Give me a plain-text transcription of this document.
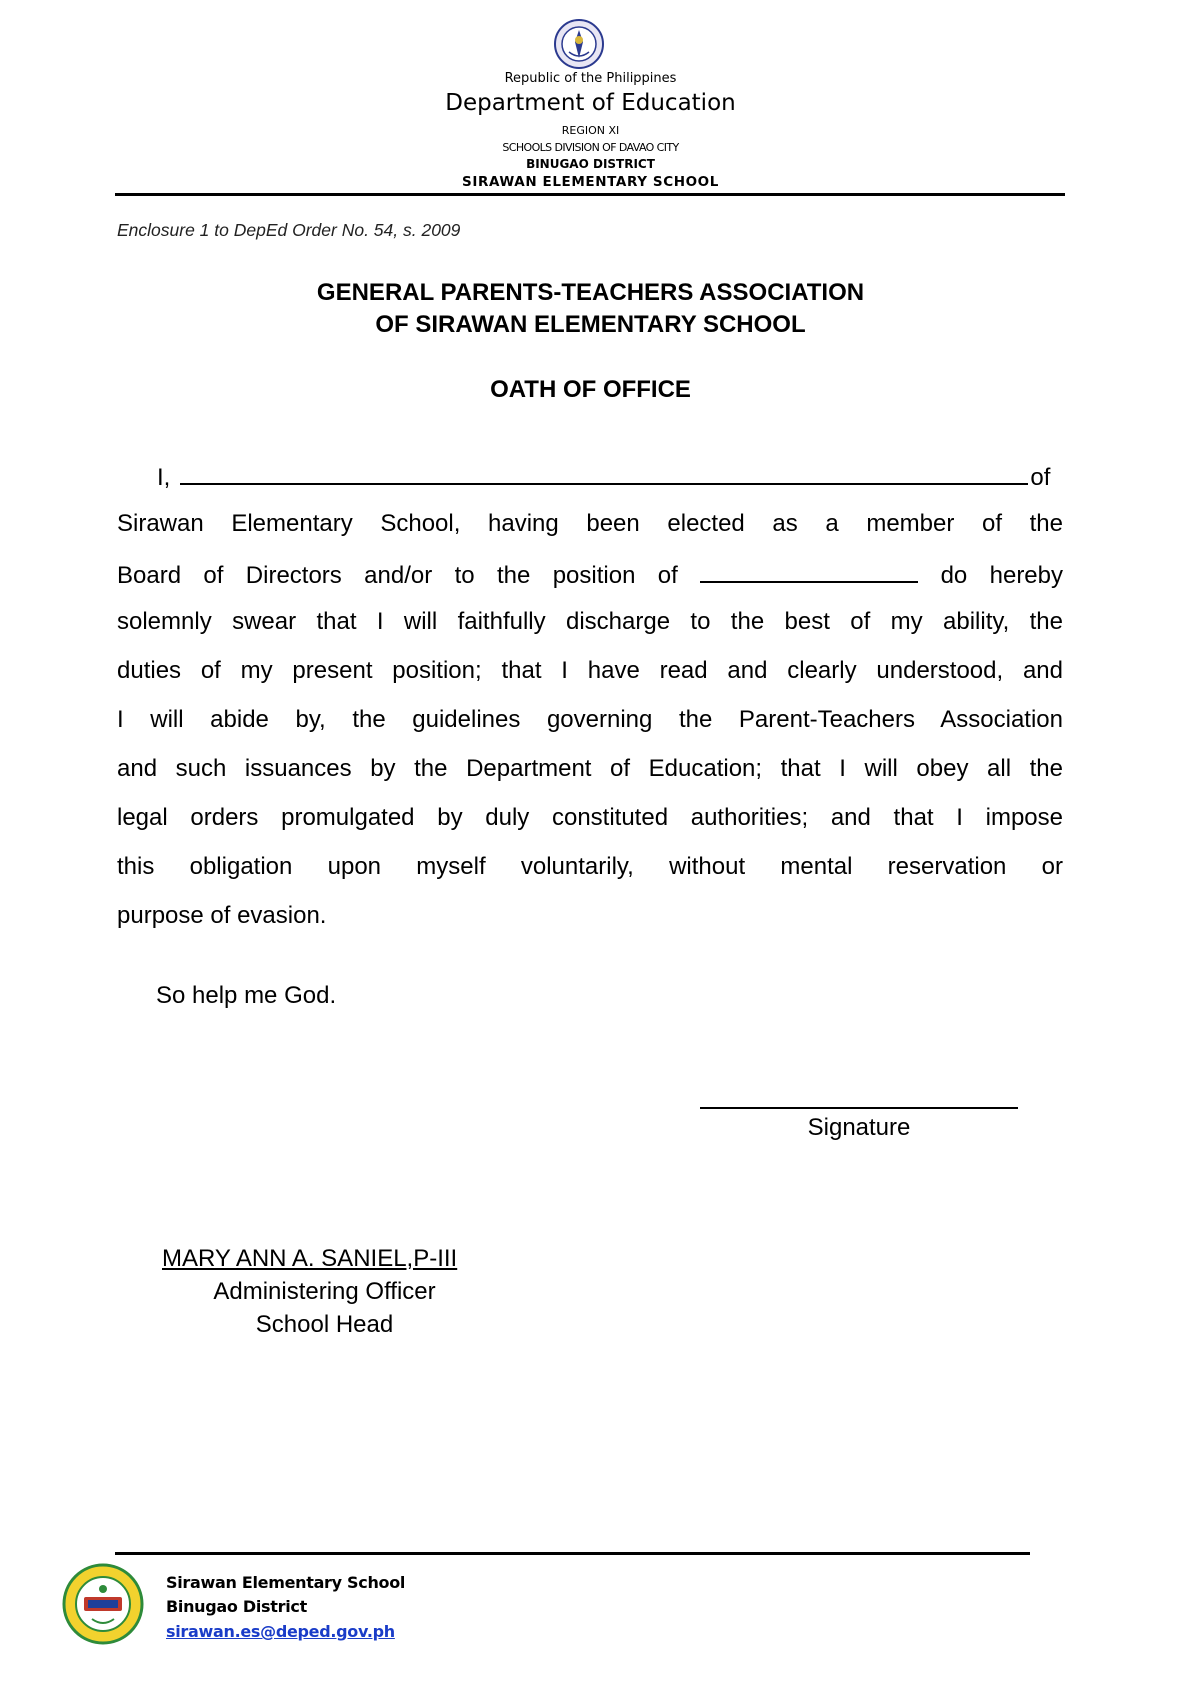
Republic of the Philippines
Department of Education
REGION XI
SCHOOLS DIVISION OF DAVAO CITY
BINUGAO DISTRICT
SIRAWAN ELEMENTARY SCHOOL
Enclosure 1 to DepEd Order No. 54, s. 2009
GENERAL PARENTS-TEACHERS ASSOCIATION
OF SIRAWAN ELEMENTARY SCHOOL
OATH OF OFFICE
I,	of
Sirawan Elementary School, having been elected as a member of the
Board of Directors and/or to the position of	do hereby
solemnly swear that I will faithfully discharge to the best of my ability, the
duties of my present position; that I have read and clearly understood, and
I will abide by, the guidelines governing the Parent-Teachers Association
and such issuances by the Department of Education; that I will obey all the
legal orders promulgated by duly constituted authorities; and that I impose
this obligation upon myself voluntarily, without mental reservation or
purpose of evasion.
So help me God.
Signature
MARY ANN A. SANIEL,P-III
Administering Officer
School Head
Sirawan Elementary School
Binugao District
sirawan.es@deped.gov.ph
